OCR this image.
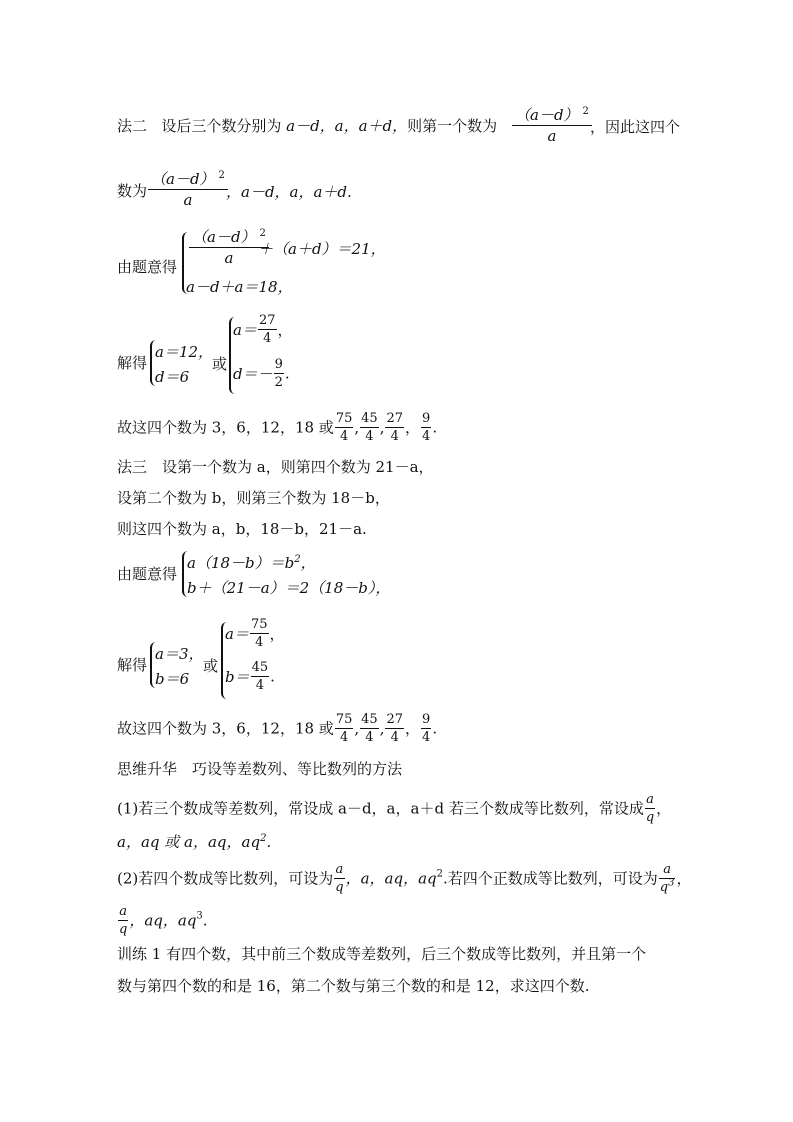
法二 设后三个数分别为 a－d，a，a＋d，则第一个数为 $\frac{(a-d) ^2}{a}$
，因此这四个
数为 $\frac{(a-d) ^2}{a}$
，a－d，a，a＋d.
由题意得 $\frac{(a-d) ^2}{a}$
＋（a＋d）＝21，
a－d＋a＝18，
解得
a＝12，
d＝6
或
$a= \frac{27}{4}$ ，
$d=- \frac{9}{2}$ .
故这四个数为 3，6，12，18 或 $\frac{75}{4}$ , $\frac{45}{4}$ , $\frac{27}{4}$ ， $\frac{9}{4}$ .
法三　设第一个数为 a，则第四个数为 21－a，
设第二个数为 b，则第三个数为 18－b，
则这四个数为 a，b，18－b，21－a.
由题意得
$a(18-b)=b^2$，
b＋（21－a）＝2（18－b），
解得
a＝3，
b＝6
或
$a= \frac{75}{4}$ ，
$b= \frac{45}{4}$ .
故这四个数为 3，6，12，18 或 $\frac{75}{4}$ , $\frac{45}{4}$ , $\frac{27}{4}$ ， $\frac{9}{4}$ .
思维升华　巧设等差数列、等比数列的方法
(1)若三个数成等差数列，常设成 a－d，a，a＋d 若三个数成等比数列，常设成 $\frac{a}{q}$ ，
a，aq 或 a，aq，$aq^2$.
(2)若四个数成等比数列，可设为 $\frac{a}{q}$ ，a，aq，$aq^2$.若四个正数成等比数列，可设为 $\frac{a}{q^3}$ ，
$\frac{a}{q}$ ，aq，$aq^3$.
训练 1 有四个数，其中前三个数成等差数列，后三个数成等比数列，并且第一个
数与第四个数的和是 16，第二个数与第三个数的和是 12，求这四个数.
